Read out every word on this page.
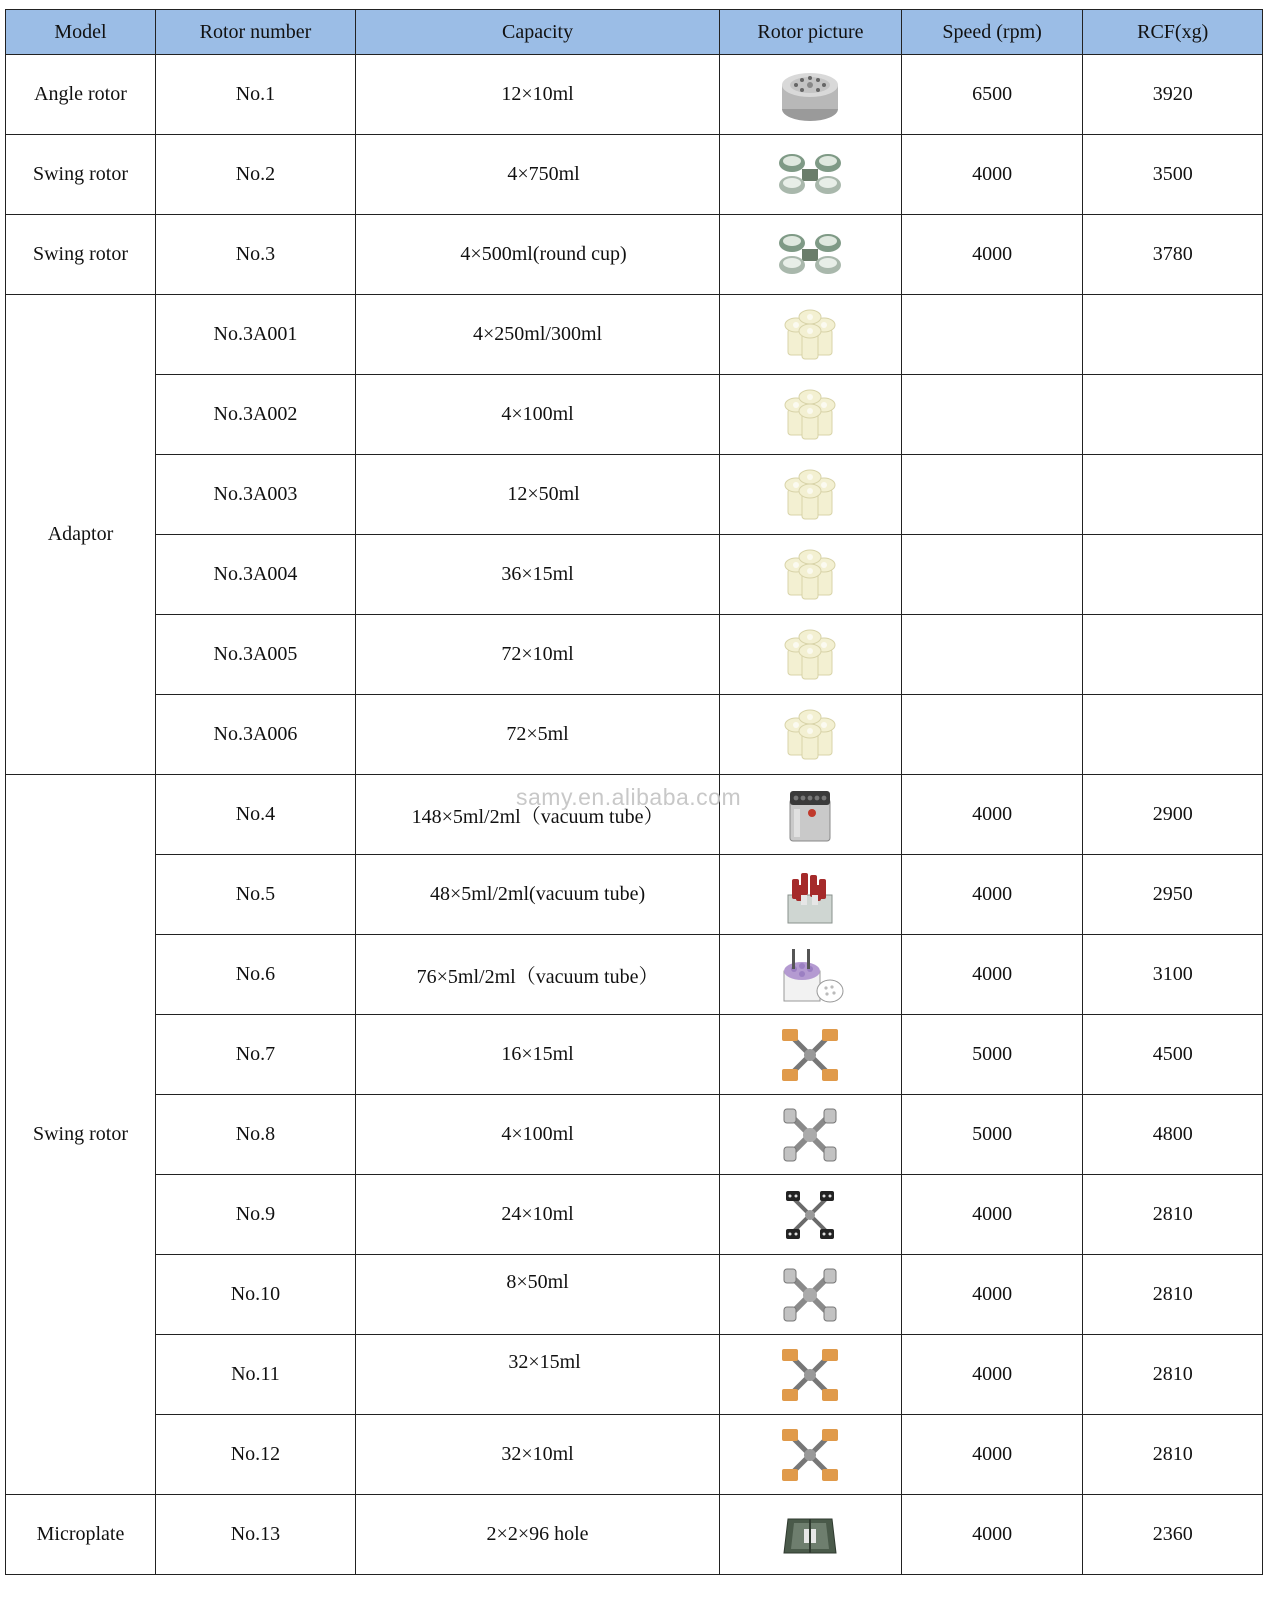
Model	Rotor number	Capacity	Rotor picture	Speed (rpm)	RCF(xg)
Angle rotor	No.1	12×10ml		6500	3920
Swing rotor	No.2	4×750ml		4000	3500
Swing rotor	No.3	4×500ml(round cup)		4000	3780
Adaptor	No.3A001	4×250ml/300ml			
	No.3A002	4×100ml			
	No.3A003	12×50ml			
	No.3A004	36×15ml			
	No.3A005	72×10ml			
	No.3A006	72×5ml			
Swing rotor	No.4	148×5ml/2ml（vacuum tube）		4000	2900
	No.5	48×5ml/2ml(vacuum tube)		4000	2950
	No.6	76×5ml/2ml（vacuum tube）		4000	3100
	No.7	16×15ml		5000	4500
	No.8	4×100ml		5000	4800
	No.9	24×10ml		4000	2810
	No.10	8×50ml		4000	2810
	No.11	32×15ml		4000	2810
	No.12	32×10ml		4000	2810
Microplate	No.13	2×2×96 hole		4000	2360
samy.en.alibaba.com
